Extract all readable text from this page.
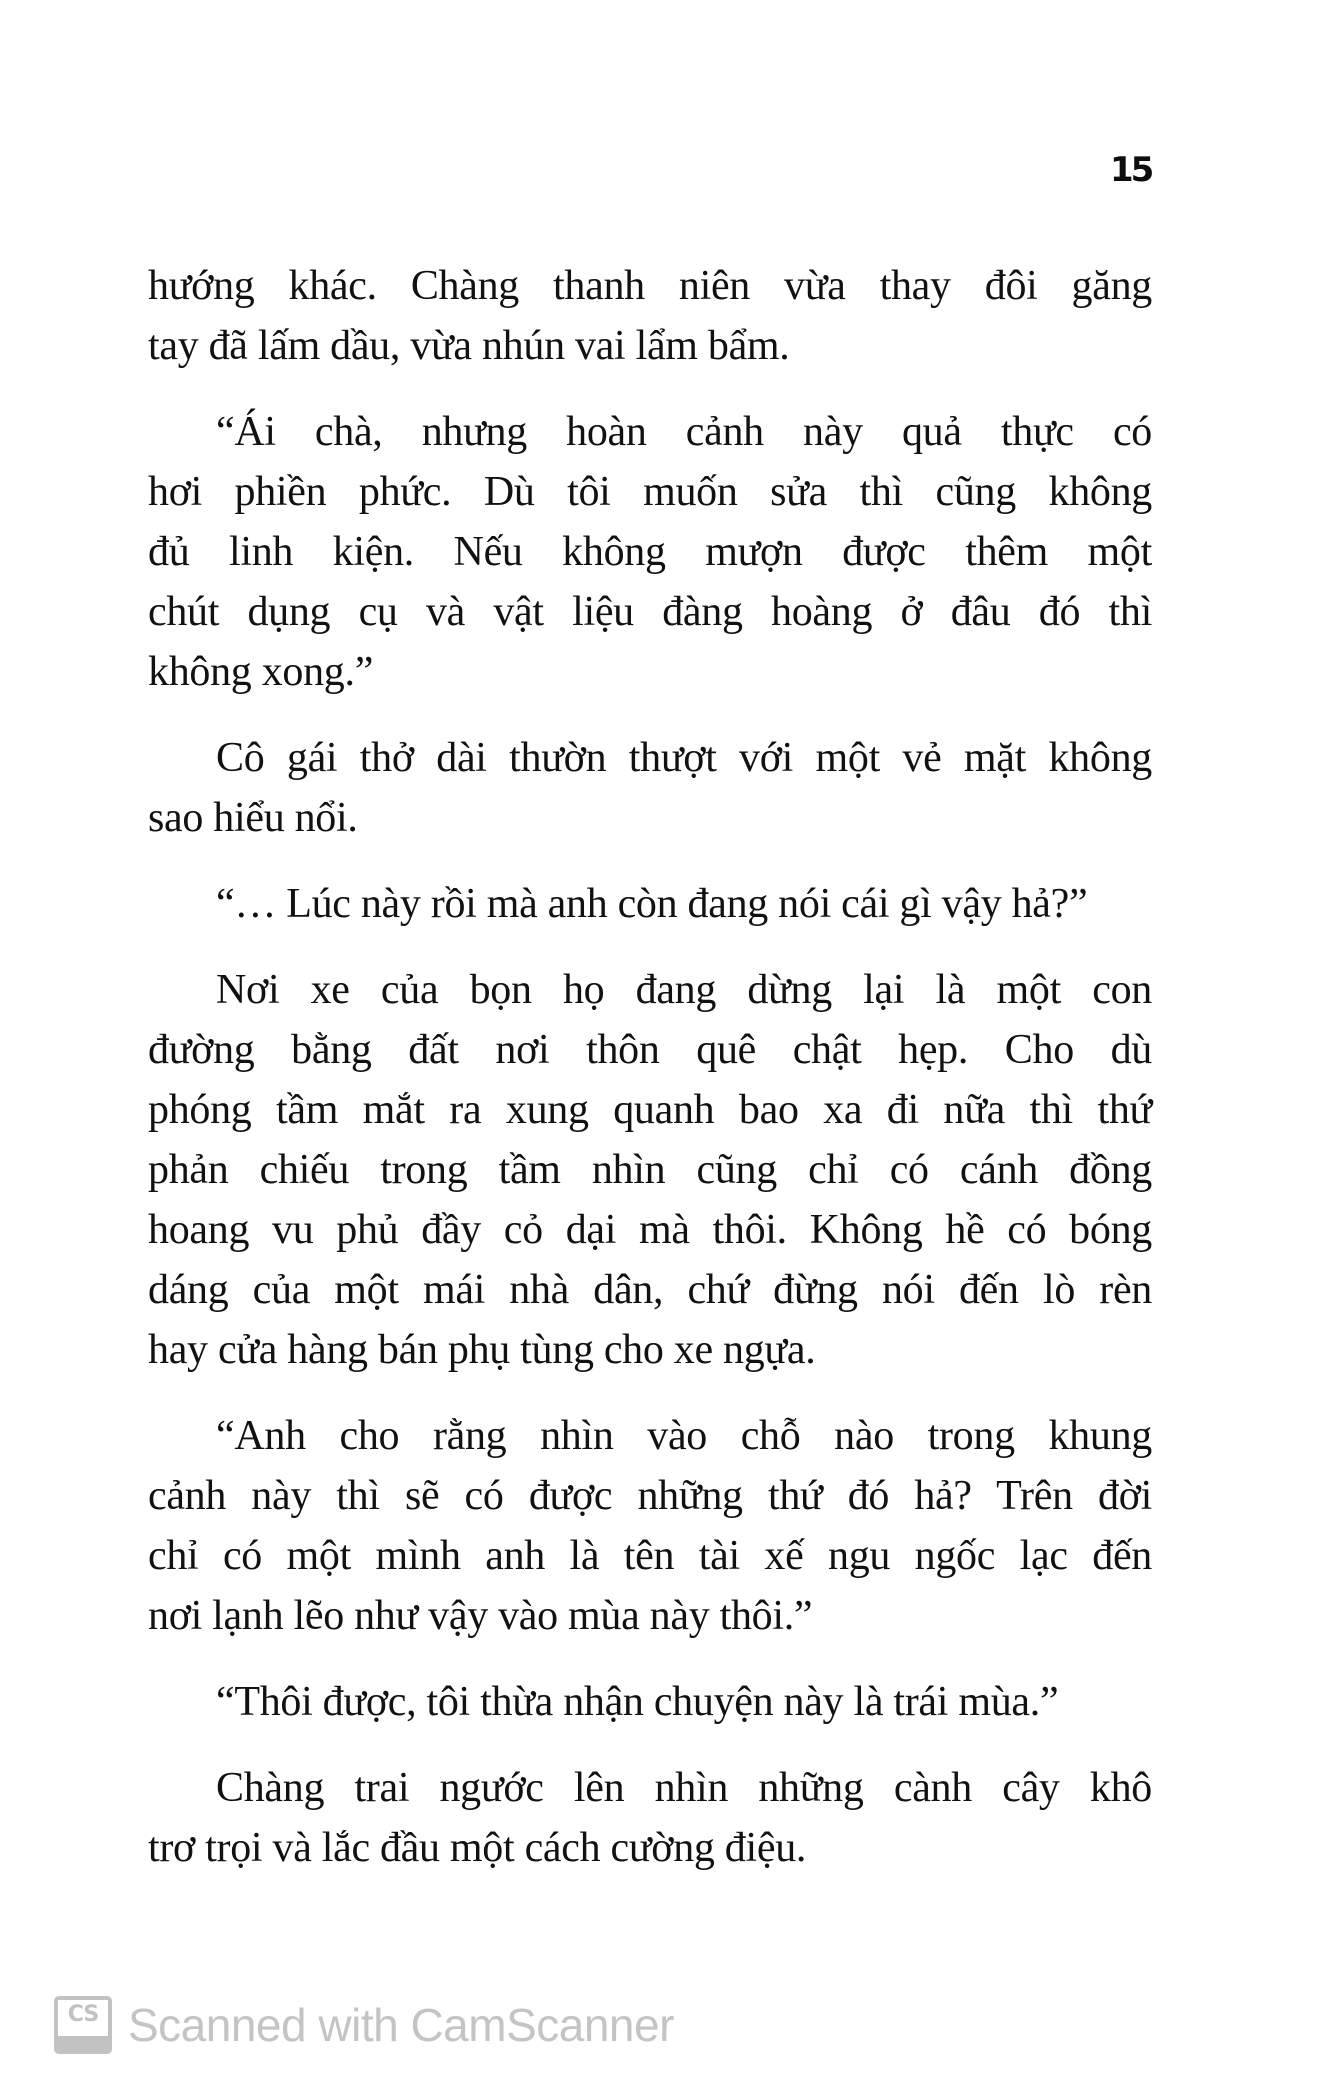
15
hướng khác. Chàng thanh niên vừa thay đôi găng
tay đã lấm dầu, vừa nhún vai lẩm bẩm.
“Ái chà, nhưng hoàn cảnh này quả thực có
hơi phiền phức. Dù tôi muốn sửa thì cũng không
đủ linh kiện. Nếu không mượn được thêm một
chút dụng cụ và vật liệu đàng hoàng ở đâu đó thì
không xong.”
Cô gái thở dài thườn thượt với một vẻ mặt không
sao hiểu nổi.
“… Lúc này rồi mà anh còn đang nói cái gì vậy hả?”
Nơi xe của bọn họ đang dừng lại là một con
đường bằng đất nơi thôn quê chật hẹp. Cho dù
phóng tầm mắt ra xung quanh bao xa đi nữa thì thứ
phản chiếu trong tầm nhìn cũng chỉ có cánh đồng
hoang vu phủ đầy cỏ dại mà thôi. Không hề có bóng
dáng của một mái nhà dân, chứ đừng nói đến lò rèn
hay cửa hàng bán phụ tùng cho xe ngựa.
“Anh cho rằng nhìn vào chỗ nào trong khung
cảnh này thì sẽ có được những thứ đó hả? Trên đời
chỉ có một mình anh là tên tài xế ngu ngốc lạc đến
nơi lạnh lẽo như vậy vào mùa này thôi.”
“Thôi được, tôi thừa nhận chuyện này là trái mùa.”
Chàng trai ngước lên nhìn những cành cây khô
trơ trọi và lắc đầu một cách cường điệu.
CS Scanned with CamScanner
